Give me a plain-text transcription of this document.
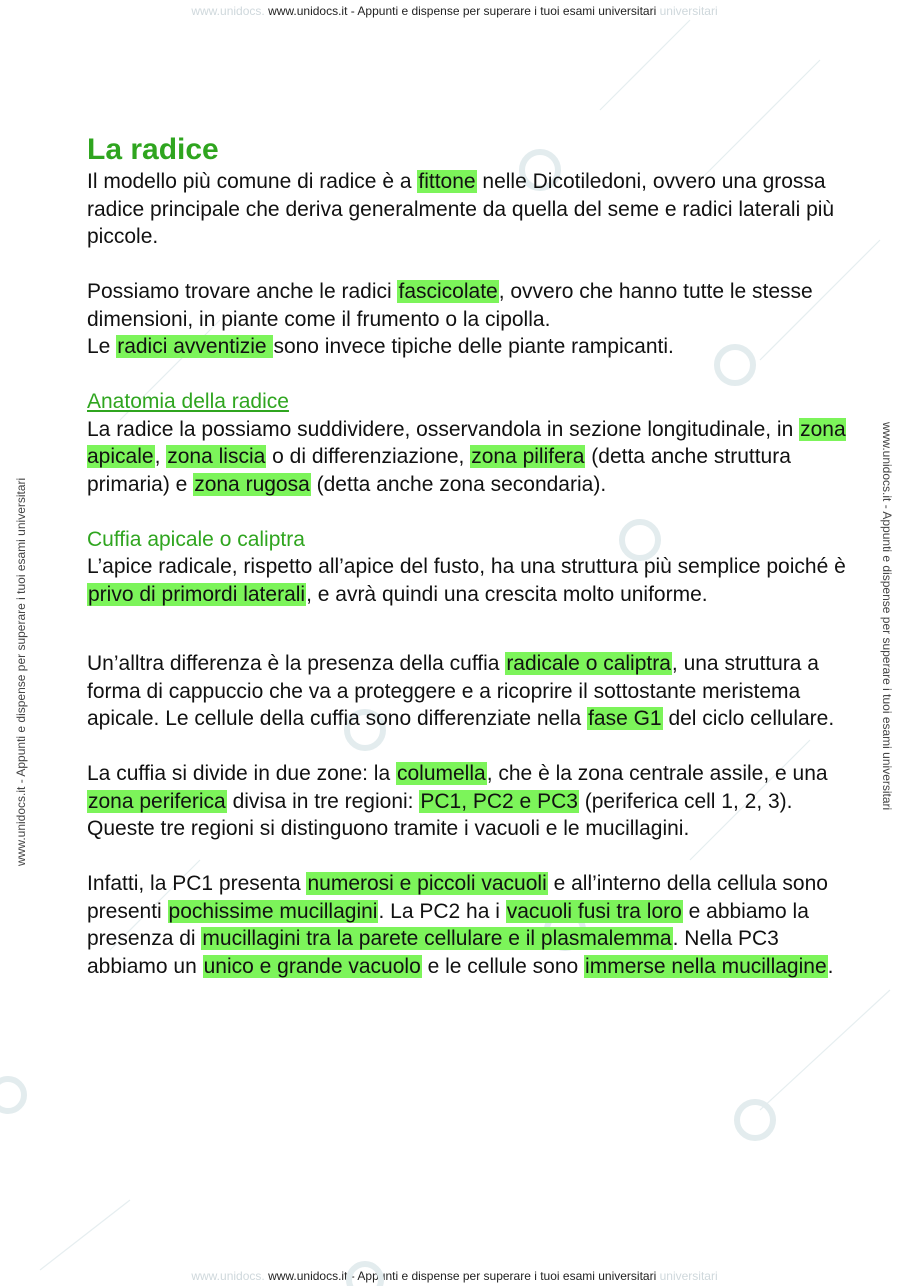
www.unidocs. www.unidocs.it - Appunti e dispense per superare i tuoi esami universitari universitari
www.unidocs. www.unidocs.it - Appunti e dispense per superare i tuoi esami universitari universitari
www.unidocs.it - Appunti e dispense per superare i tuoi esami universitari	www.unidocs.it - Appunti e dispense per superare i tuoi esami universitari
La radice

Il modello più comune di radice è a fittone nelle Dicotiledoni, ovvero una grossa radice principale che deriva generalmente da quella del seme e radici laterali più piccole.

Possiamo trovare anche le radici fascicolate, ovvero che hanno tutte le stesse dimensioni, in piante come il frumento o la cipolla.

Le radici avventizie sono invece tipiche delle piante rampicanti.

Anatomia della radice

La radice la possiamo suddividere, osservandola in sezione longitudinale, in zona apicale, zona liscia o di differenziazione, zona pilifera (detta anche struttura primaria) e zona rugosa (detta anche zona secondaria).

Cuffia apicale o caliptra

L’apice radicale, rispetto all’apice del fusto, ha una struttura più semplice poiché è privo di primordi laterali, e avrà quindi una crescita molto uniforme.

Un’alltra differenza è la presenza della cuffia radicale o caliptra, una struttura a forma di cappuccio che va a proteggere e a ricoprire il sottostante meristema apicale. Le cellule della cuffia sono differenziate nella fase G1 del ciclo cellulare.

La cuffia si divide in due zone: la columella, che è la zona centrale assile, e una zona periferica divisa in tre regioni: PC1, PC2 e PC3 (periferica cell 1, 2, 3). Queste tre regioni si distinguono tramite i vacuoli e le mucillagini.

Infatti, la PC1 presenta numerosi e piccoli vacuoli e all’interno della cellula sono presenti pochissime mucillagini. La PC2 ha i vacuoli fusi tra loro e abbiamo la presenza di mucillagini tra la parete cellulare e il plasmalemma. Nella PC3 abbiamo un unico e grande vacuolo e le cellule sono immerse nella mucillagine.
